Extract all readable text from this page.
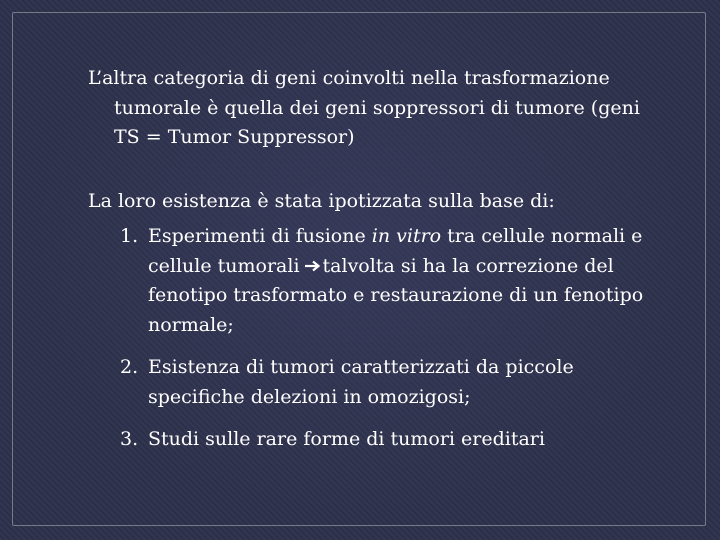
L’altra categoria di geni coinvolti nella trasformazione tumorale è quella dei geni soppressori di tumore (geni TS = Tumor Suppressor)

La loro esistenza è stata ipotizzata sulla base di:

1. Esperimenti di fusione in vitro tra cellule normali e cellule tumorali talvolta si ha la correzione del fenotipo trasformato e restaurazione di un fenotipo normale;
2. Esistenza di tumori caratterizzati da piccole specifiche delezioni in omozigosi;
3. Studi sulle rare forme di tumori ereditari
